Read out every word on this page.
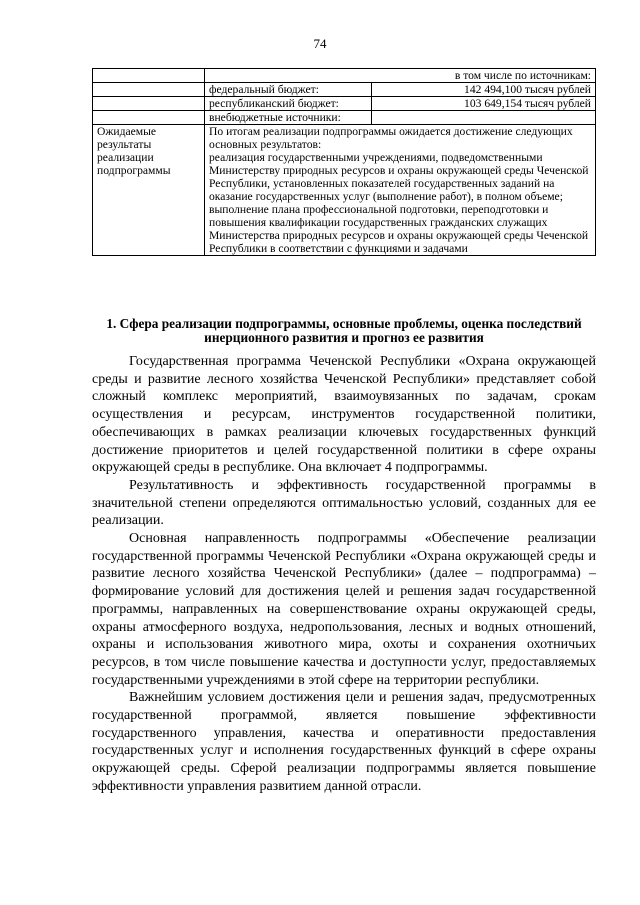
74
	в том числе по источникам:

	федеральный бюджет: 142 494,100 тысяч рублей

	республиканский бюджет: 103 649,154 тысяч рублей

	внебюджетные источники:

Ожидаемые результаты реализации подпрограммы	По итогам реализации подпрограммы ожидается достижение следующих основных результатов:

реализация государственными учреждениями, подведомственными Министерству природных ресурсов и охраны окружающей среды Чеченской Республики, установленных показателей государственных заданий на оказание государственных услуг (выполнение работ), в полном объеме;

выполнение плана профессиональной подготовки, переподготовки и повышения квалификации государственных гражданских служащих Министерства природных ресурсов и охраны окружающей среды Чеченской Республики в соответствии с функциями и задачами

1. Сфера реализации подпрограммы, основные проблемы, оценка последствий инерционного развития и прогноз ее развития

Государственная программа Чеченской Республики «Охрана окружающей среды и развитие лесного хозяйства Чеченской Республики» представляет собой сложный комплекс мероприятий, взаимоувязанных по задачам, срокам осуществления и ресурсам, инструментов государственной политики, обеспечивающих в рамках реализации ключевых государственных функций достижение приоритетов и целей государственной политики в сфере охраны окружающей среды в республике. Она включает 4 подпрограммы.

Результативность и эффективность государственной программы в значительной степени определяются оптимальностью условий, созданных для ее реализации.

Основная направленность подпрограммы «Обеспечение реализации государственной программы Чеченской Республики «Охрана окружающей среды и развитие лесного хозяйства Чеченской Республики» (далее – подпрограмма) – формирование условий для достижения целей и решения задач государственной программы, направленных на совершенствование охраны окружающей среды, охраны атмосферного воздуха, недропользования, лесных и водных отношений, охраны и использования животного мира, охоты и сохранения охотничьих ресурсов, в том числе повышение качества и доступности услуг, предоставляемых государственными учреждениями в этой сфере на территории республики.

Важнейшим условием достижения цели и решения задач, предусмотренных государственной программой, является повышение эффективности государственного управления, качества и оперативности предоставления государственных услуг и исполнения государственных функций в сфере охраны окружающей среды. Сферой реализации подпрограммы является повышение эффективности управления развитием данной отрасли.
